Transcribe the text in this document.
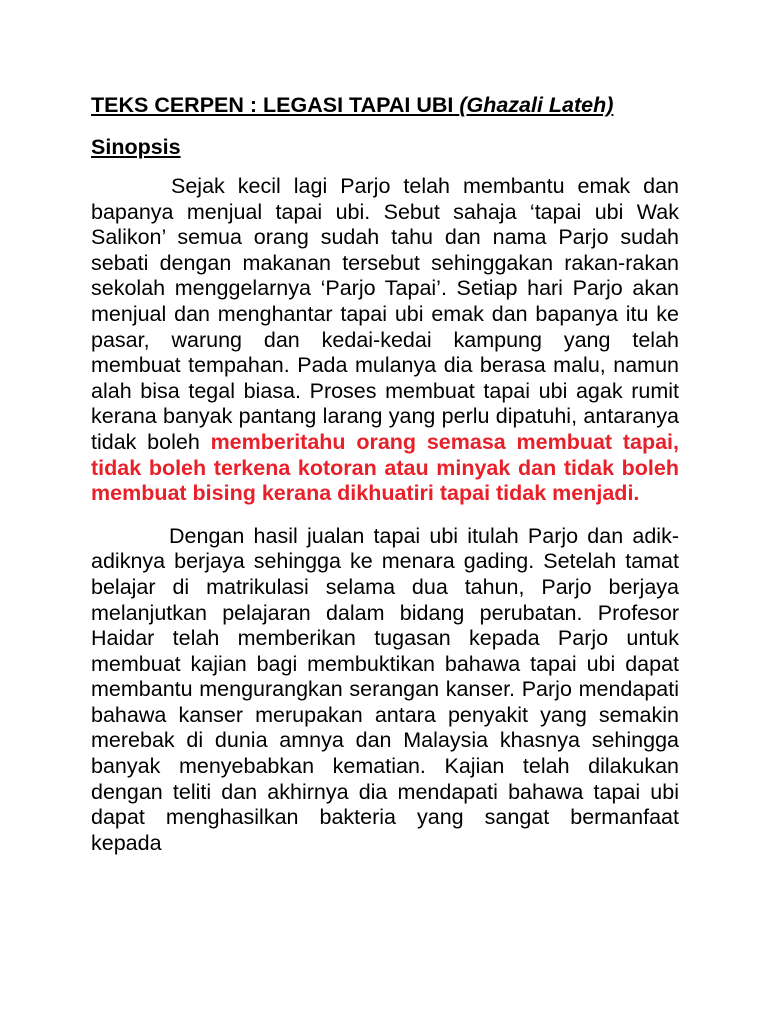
TEKS CERPEN : LEGASI TAPAI UBI (Ghazali Lateh)

Sinopsis

Sejak kecil lagi Parjo telah membantu emak dan bapanya menjual tapai ubi. Sebut sahaja ‘tapai ubi Wak Salikon’ semua orang sudah tahu dan nama Parjo sudah sebati dengan makanan tersebut sehinggakan rakan-rakan sekolah menggelarnya ‘Parjo Tapai’. Setiap hari Parjo akan menjual dan menghantar tapai ubi emak dan bapanya itu ke pasar, warung dan kedai-kedai kampung yang telah membuat tempahan. Pada mulanya dia berasa malu, namun alah bisa tegal biasa. Proses membuat tapai ubi agak rumit kerana banyak pantang larang yang perlu dipatuhi, antaranya tidak boleh memberitahu orang semasa membuat tapai, tidak boleh terkena kotoran atau minyak dan tidak boleh membuat bising kerana dikhuatiri tapai tidak menjadi.

Dengan hasil jualan tapai ubi itulah Parjo dan adik-adiknya berjaya sehingga ke menara gading. Setelah tamat belajar di matrikulasi selama dua tahun, Parjo berjaya melanjutkan pelajaran dalam bidang perubatan. Profesor Haidar telah memberikan tugasan kepada Parjo untuk membuat kajian bagi membuktikan bahawa tapai ubi dapat membantu mengurangkan serangan kanser. Parjo mendapati bahawa kanser merupakan antara penyakit yang semakin merebak di dunia amnya dan Malaysia khasnya sehingga banyak menyebabkan kematian. Kajian telah dilakukan dengan teliti dan akhirnya dia mendapati bahawa tapai ubi dapat menghasilkan bakteria yang sangat bermanfaat kepada
